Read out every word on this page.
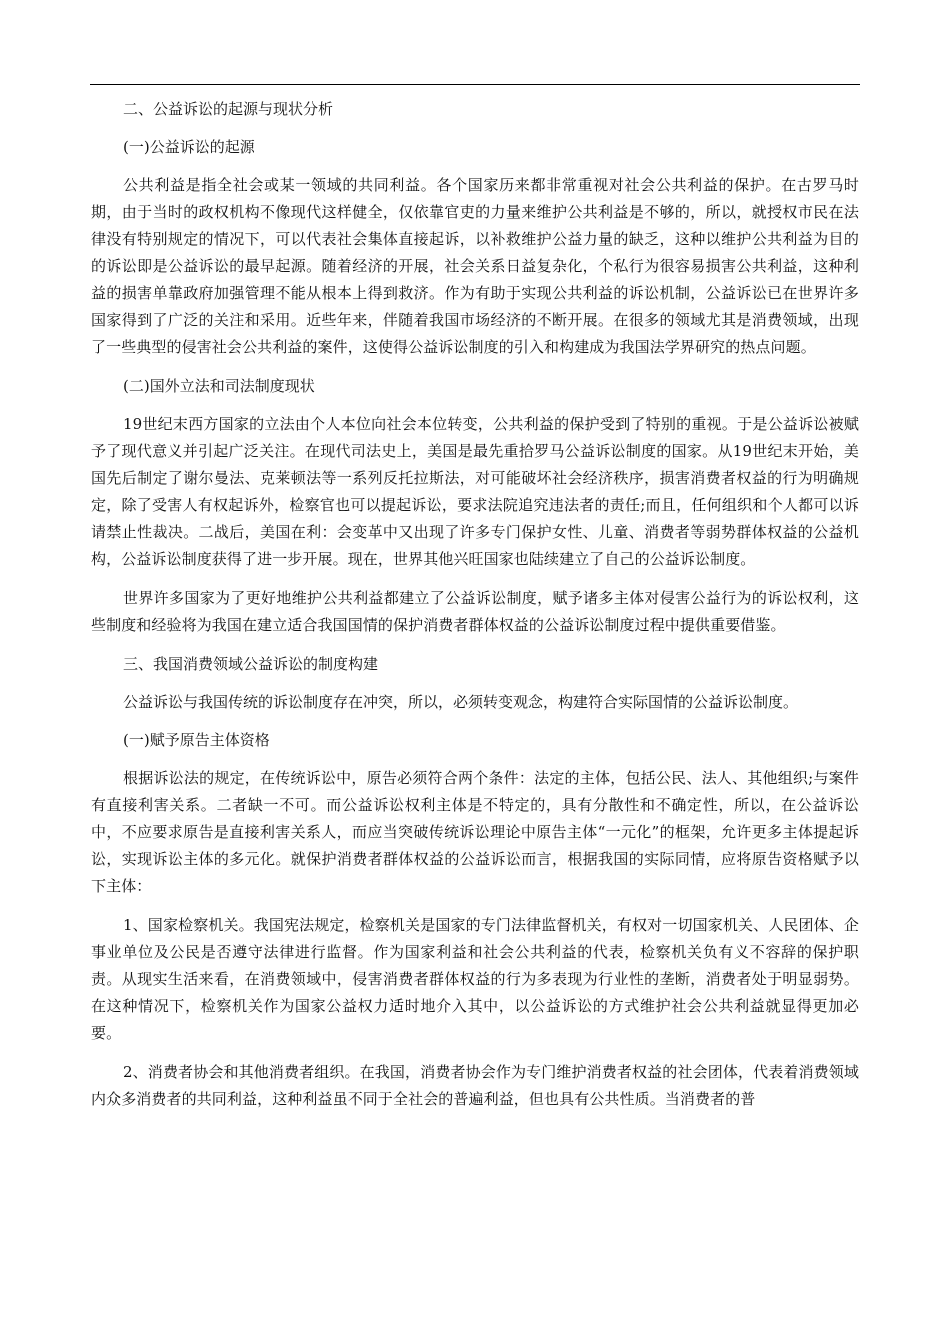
二、公益诉讼的起源与现状分析

(一)公益诉讼的起源

公共利益是指全社会或某一领域的共同利益。各个国家历来都非常重视对社会公共利益的保护。在古罗马时期，由于当时的政权机构不像现代这样健全，仅依靠官吏的力量来维护公共利益是不够的，所以，就授权市民在法律没有特别规定的情况下，可以代表社会集体直接起诉，以补救维护公益力量的缺乏，这种以维护公共利益为目的的诉讼即是公益诉讼的最早起源。随着经济的开展，社会关系日益复杂化，个私行为很容易损害公共利益，这种利益的损害单靠政府加强管理不能从根本上得到救济。作为有助于实现公共利益的诉讼机制，公益诉讼已在世界许多国家得到了广泛的关注和采用。近些年来，伴随着我国市场经济的不断开展。在很多的领域尤其是消费领域，出现了一些典型的侵害社会公共利益的案件，这使得公益诉讼制度的引入和构建成为我国法学界研究的热点问题。

(二)国外立法和司法制度现状

19世纪末西方国家的立法由个人本位向社会本位转变，公共利益的保护受到了特别的重视。于是公益诉讼被赋予了现代意义并引起广泛关注。在现代司法史上，美国是最先重拾罗马公益诉讼制度的国家。从19世纪末开始，美国先后制定了谢尔曼法、克莱顿法等一系列反托拉斯法，对可能破坏社会经济秩序，损害消费者权益的行为明确规定，除了受害人有权起诉外，检察官也可以提起诉讼，要求法院追究违法者的责任;而且，任何组织和个人都可以诉请禁止性裁决。二战后，美国在利：会变革中又出现了许多专门保护女性、儿童、消费者等弱势群体权益的公益机构，公益诉讼制度获得了进一步开展。现在，世界其他兴旺国家也陆续建立了自己的公益诉讼制度。

世界许多国家为了更好地维护公共利益都建立了公益诉讼制度，赋予诸多主体对侵害公益行为的诉讼权利，这些制度和经验将为我国在建立适合我国国情的保护消费者群体权益的公益诉讼制度过程中提供重要借鉴。

三、我国消费领域公益诉讼的制度构建

公益诉讼与我国传统的诉讼制度存在冲突，所以，必须转变观念，构建符合实际国情的公益诉讼制度。

(一)赋予原告主体资格

根据诉讼法的规定，在传统诉讼中，原告必须符合两个条件：法定的主体，包括公民、法人、其他组织;与案件有直接利害关系。二者缺一不可。而公益诉讼权利主体是不特定的，具有分散性和不确定性，所以，在公益诉讼中，不应要求原告是直接利害关系人，而应当突破传统诉讼理论中原告主体“一元化”的框架，允许更多主体提起诉讼，实现诉讼主体的多元化。就保护消费者群体权益的公益诉讼而言，根据我国的实际同情，应将原告资格赋予以下主体：

1、国家检察机关。我国宪法规定，检察机关是国家的专门法律监督机关，有权对一切国家机关、人民团体、企事业单位及公民是否遵守法律进行监督。作为国家利益和社会公共利益的代表，检察机关负有义不容辞的保护职责。从现实生活来看，在消费领域中，侵害消费者群体权益的行为多表现为行业性的垄断，消费者处于明显弱势。在这种情况下，检察机关作为国家公益权力适时地介入其中，以公益诉讼的方式维护社会公共利益就显得更加必要。

2、消费者协会和其他消费者组织。在我国，消费者协会作为专门维护消费者权益的社会团体，代表着消费领域内众多消费者的共同利益，这种利益虽不同于全社会的普遍利益，但也具有公共性质。当消费者的普
